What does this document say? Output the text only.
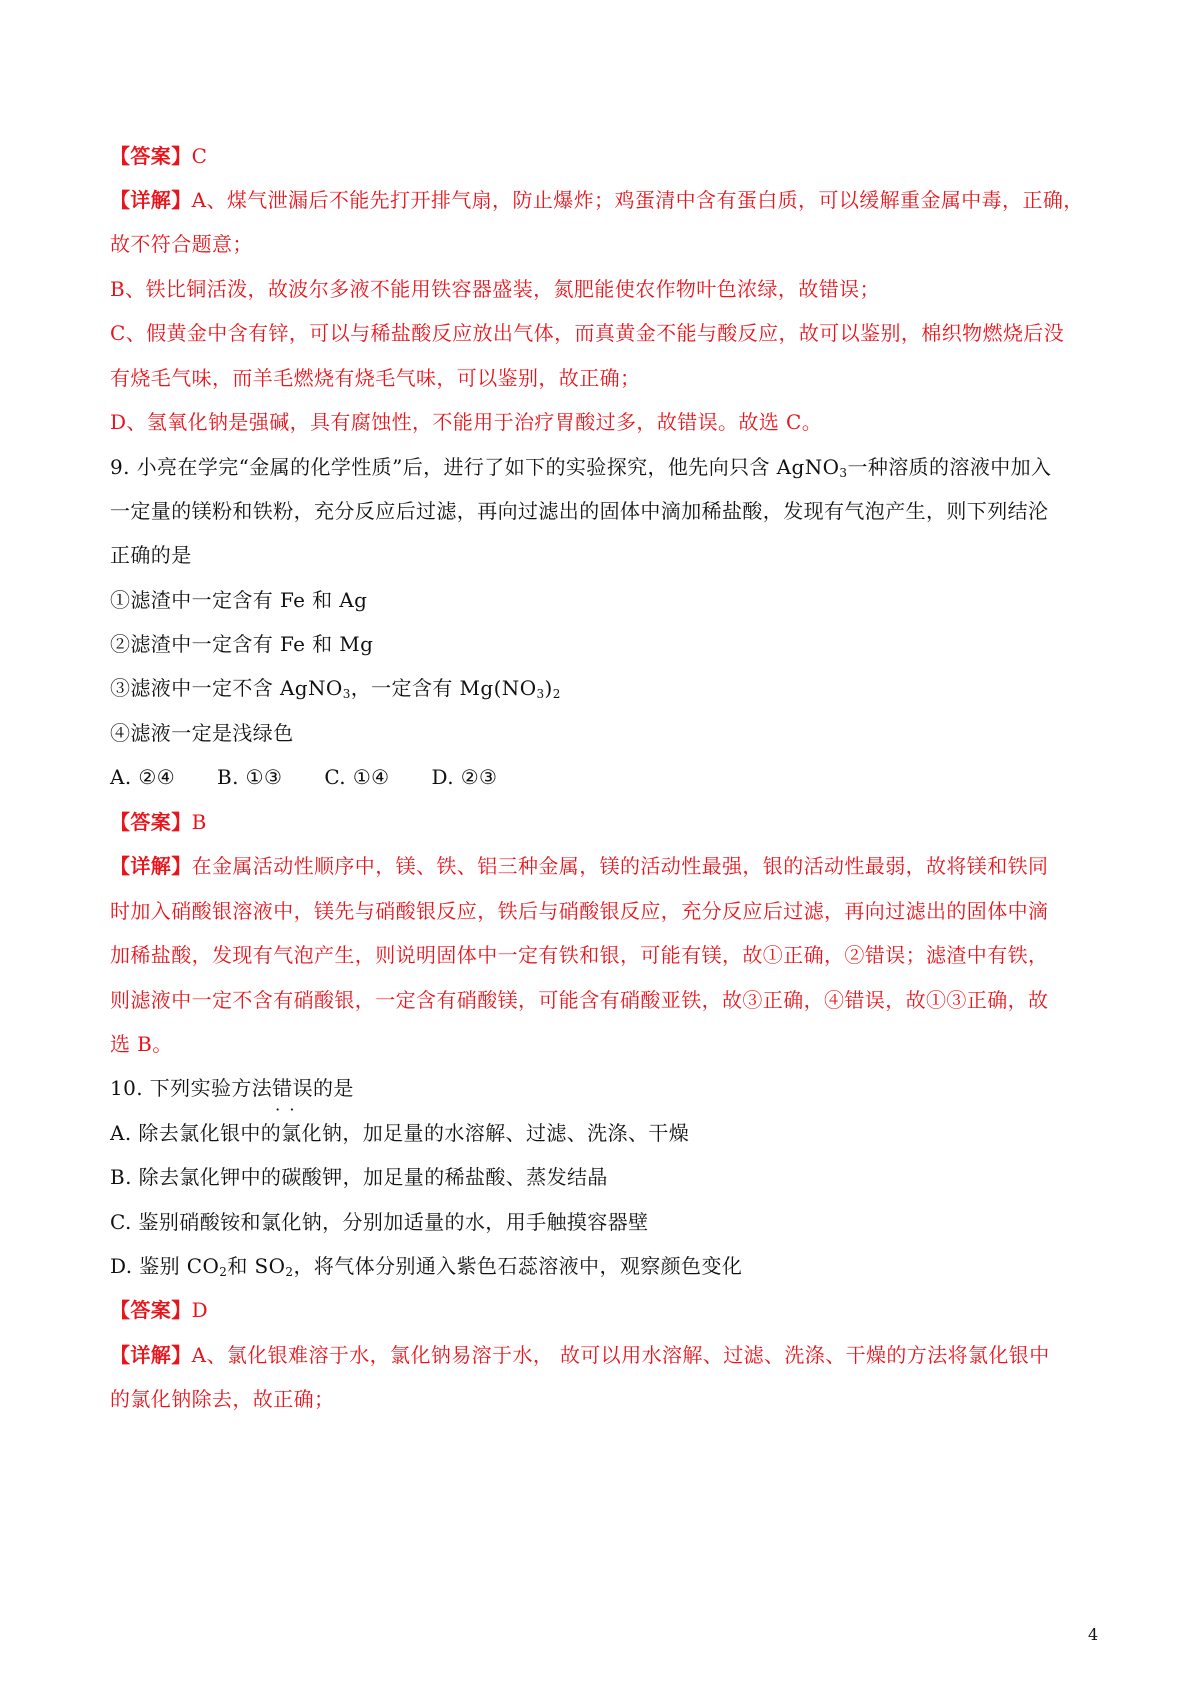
【答案】C
【详解】A、煤气泄漏后不能先打开排气扇，防止爆炸；鸡蛋清中含有蛋白质，可以缓解重金属中毒，正确，
故不符合题意；
B、铁比铜活泼，故波尔多液不能用铁容器盛装，氮肥能使农作物叶色浓绿，故错误；
C、假黄金中含有锌，可以与稀盐酸反应放出气体，而真黄金不能与酸反应，故可以鉴别，棉织物燃烧后没
有烧毛气味，而羊毛燃烧有烧毛气味，可以鉴别，故正确；
D、氢氧化钠是强碱，具有腐蚀性，不能用于治疗胃酸过多，故错误。故选 C。
9. 小亮在学完“金属的化学性质”后，进行了如下的实验探究，他先向只含 AgNO$_3$一种溶质的溶液中加入
一定量的镁粉和铁粉，充分反应后过滤，再向过滤出的固体中滴加稀盐酸，发现有气泡产生，则下列结沦
正确的是
①滤渣中一定含有 Fe 和 Ag
②滤渣中一定含有 Fe 和 Mg
③滤液中一定不含 AgNO$_3$，一定含有 $Mg(NO_3)_2$
④滤液一定是浅绿色
A. ②④ B. ①③ C. ①④ D. ②③
【答案】B
【详解】在金属活动性顺序中，镁、铁、铝三种金属，镁的活动性最强，银的活动性最弱，故将镁和铁同
时加入硝酸银溶液中，镁先与硝酸银反应，铁后与硝酸银反应，充分反应后过滤，再向过滤出的固体中滴
加稀盐酸，发现有气泡产生，则说明固体中一定有铁和银，可能有镁，故①正确，②错误；滤渣中有铁，
则滤液中一定不含有硝酸银，一定含有硝酸镁，可能含有硝酸亚铁，故③正确，④错误，故①③正确，故
选 B。
10. 下列实验方法错误 · ·的是
A. 除去氯化银中的氯化钠，加足量的水溶解、过滤、洗涤、干燥
B. 除去氯化钾中的碳酸钾，加足量的稀盐酸、蒸发结晶
C. 鉴别硝酸铵和氯化钠，分别加适量的水，用手触摸容器壁
D. 鉴别 $CO_2$和 $SO_2$，将气体分别通入紫色石蕊溶液中，观察颜色变化
【答案】D
【详解】A、氯化银难溶于水，氯化钠易溶于水， 故可以用水溶解、过滤、洗涤、干燥的方法将氯化银中
的氯化钠除去，故正确；
4
